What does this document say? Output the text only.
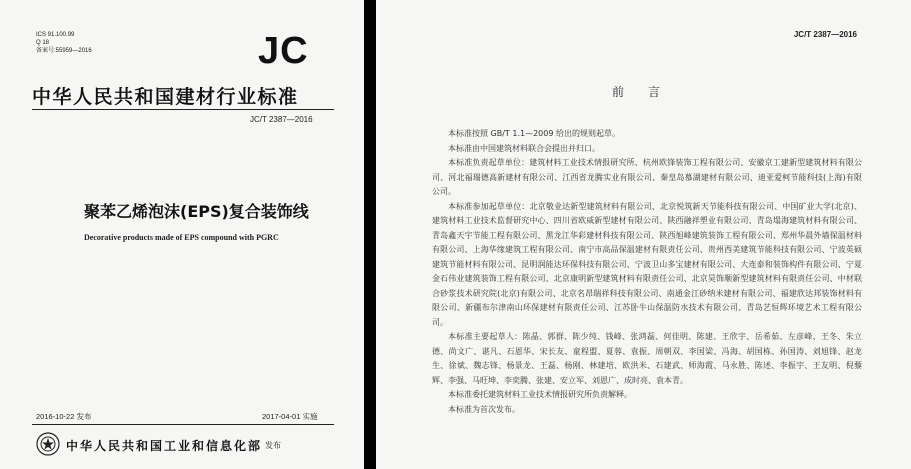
ICS 91.100.99
Q 18
备案号:55959—2016	JC
中华人民共和国建材行业标准
JC/T 2387—2016
聚苯乙烯泡沫(EPS)复合装饰线
Decorative products made of EPS compound with PGRC
2016-10-22 发布	2017-04-01 实施
中华人民共和国工业和信息化部 发布
JC/T 2387—2016
前言

本标准按照 GB/T 1.1—2009 给出的规则起草。

本标准由中国建筑材料联合会提出并归口。

本标准负责起草单位：建筑材料工业技术情报研究所、杭州欧锋装饰工程有限公司、安徽京工建新型建筑材料有限公司、河北福瑞德高新建材有限公司、江西省龙腾实业有限公司、秦皇岛慕湖建材有限公司、迪亚爱柯节能科技(上海)有限公司。

本标准参加起草单位：北京敬业达新型建筑材料有限公司、北京悦筑新天节能科技有限公司、中国矿业大学(北京)、建筑材料工业技术监督研究中心、四川省欧威新型建材有限公司、陕西融祥塑业有限公司、青岛塌海建筑材料有限公司、青岛鑫天宇节能工程有限公司、黑龙江华彩建材科技有限公司、陕西旭峰建筑装饰工程有限公司、郑州华晨外墙保温材料有限公司、上海华缘建筑工程有限公司、南宁市高品保温建材有限责任公司、贵州西美建筑节能科技有限公司、宁波英硕建筑节能材料有限公司、昆明润能达环保科技有限公司、宁波卫山多宝建材有限公司、大连泰和装饰构件有限公司、宁夏金石伟业建筑装饰工程有限公司、北京康明新型建筑材料有限责任公司、北京昊饰顺新型建筑材料有限责任公司、中材联合砂浆技术研究院(北京)有限公司、北京名昂瑞祥科技有限公司、南通金江砂纳米建材有限公司、福建欣达邦装饰材料有限公司、新疆布尔津南山环保建材有限责任公司、江苏卧牛山保温防水技术有限公司、青岛艺恒辉环境艺术工程有限公司。

本标准主要起草人：陈晶、郭群、陈少纯、钱峰、张鸿磊、何佳明、陈建、王欣宇、岳希茹、左彦峰、王冬、朱立德、尚文广、谌凡、石恩华、宋长友、童程盟、夏蓉、袁振、周朝双、李国梁、冯海、胡国栋、孙国涛、刘旭锋、赵龙生、徐斌、魏志锋、杨景龙、王磊、杨刚、林建培、欧洪米、石建武、师海霞、马永胜、陈述、李振宇、王友明、倪藜辉、李强、马旺坤、李奕腾、张建、安立军、刘恩广、成时亮、袁本青。

本标准委托建筑材料工业技术情报研究所负责解释。

本标准为首次发布。
